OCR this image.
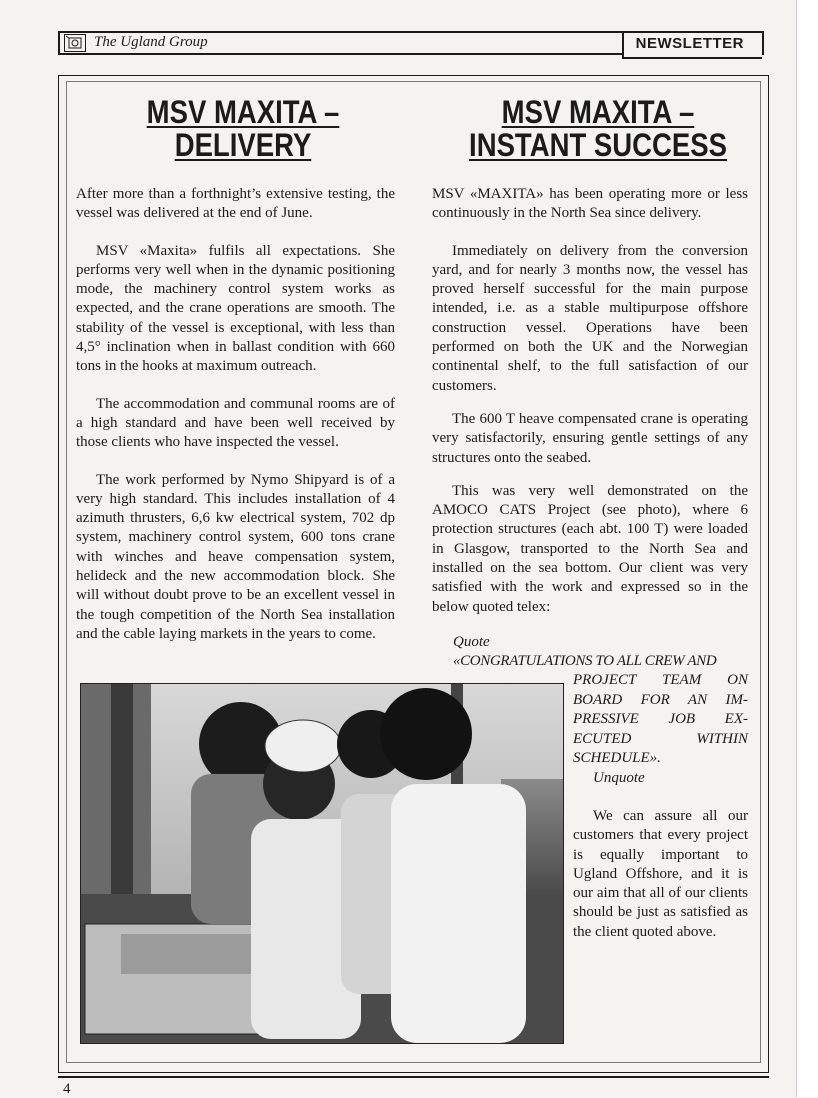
The Ugland Group	NEWSLETTER
MSV MAXITA –
DELIVERY
MSV MAXITA –
INSTANT SUCCESS

After more than a forthnight’s extensive testing, the vessel was delivered at the end of June.

MSV «Maxita» fulfils all expectations. She performs very well when in the dynamic positioning mode, the machinery control system works as expected, and the crane operations are smooth. The stability of the vessel is exceptional, with less than 4,5° inclination when in ballast condition with 660 tons in the hooks at maximum outreach.

The accommodation and communal rooms are of a high standard and have been well received by those clients who have inspected the vessel.

The work performed by Nymo Shipyard is of a very high standard. This includes installation of 4 azimuth thrusters, 6,6 kw electrical system, 702 dp system, machinery control system, 600 tons crane with winches and heave compensation system, helideck and the new accommodation block. She will without doubt prove to be an excellent vessel in the tough competition of the North Sea installation and the cable laying markets in the years to come.

MSV «MAXITA» has been operating more or less continuously in the North Sea since delivery.

Immediately on delivery from the conversion yard, and for nearly 3 months now, the vessel has proved herself successful for the main purpose intended, i.e. as a stable multipurpose offshore construction vessel. Operations have been performed on both the UK and the Norwegian continental shelf, to the full satisfaction of our customers.

The 600 T heave compensated crane is operating very satisfactorily, ensuring gentle settings of any structures onto the seabed.

This was very well demonstrated on the AMOCO CATS Project (see photo), where 6 protection structures (each abt. 100 T) were loaded in Glasgow, transported to the North Sea and installed on the sea bottom. Our client was very satisfied with the work and expressed so in the below quoted telex:

Quote
«CONGRATULATIONS TO ALL CREW AND
PROJECT TEAM ON
BOARD FOR AN IM-
PRESSIVE JOB EX-
ECUTED WITHIN
SCHEDULE».
Unquote

We can assure all our customers that every project is equally important to Ugland Offshore, and it is our aim that all of our clients should be just as satisfied as the client quoted above.

4
